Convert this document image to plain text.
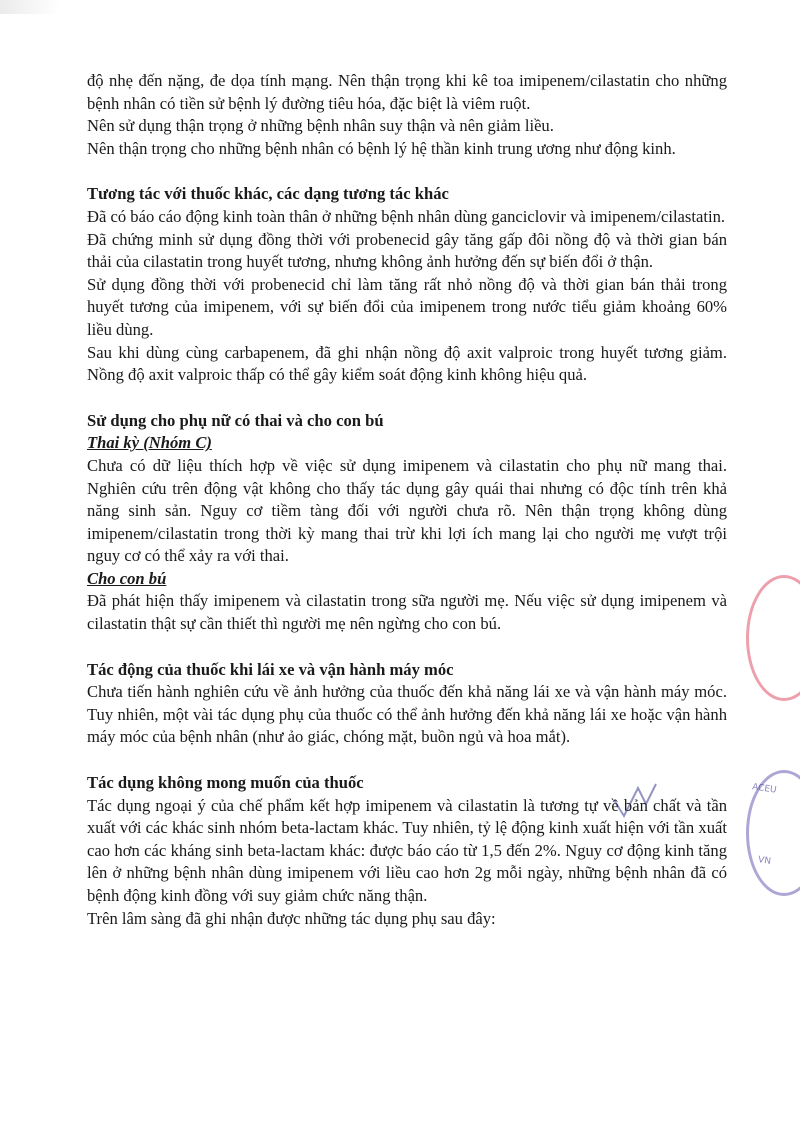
độ nhẹ đến nặng, đe dọa tính mạng. Nên thận trọng khi kê toa imipenem/cilastatin cho những bệnh nhân có tiền sử bệnh lý đường tiêu hóa, đặc biệt là viêm ruột.

Nên sử dụng thận trọng ở những bệnh nhân suy thận và nên giảm liều.

Nên thận trọng cho những bệnh nhân có bệnh lý hệ thần kinh trung ương như động kinh.

Tương tác với thuốc khác, các dạng tương tác khác

Đã có báo cáo động kinh toàn thân ở những bệnh nhân dùng ganciclovir và imipenem/cilastatin.

Đã chứng minh sử dụng đồng thời với probenecid gây tăng gấp đôi nồng độ và thời gian bán thải của cilastatin trong huyết tương, nhưng không ảnh hưởng đến sự biến đổi ở thận.

Sử dụng đồng thời với probenecid chỉ làm tăng rất nhỏ nồng độ và thời gian bán thải trong huyết tương của imipenem, với sự biến đổi của imipenem trong nước tiểu giảm khoảng 60% liều dùng.

Sau khi dùng cùng carbapenem, đã ghi nhận nồng độ axit valproic trong huyết tương giảm. Nồng độ axit valproic thấp có thể gây kiểm soát động kinh không hiệu quả.

Sử dụng cho phụ nữ có thai và cho con bú

Thai kỳ (Nhóm C)

Chưa có dữ liệu thích hợp về việc sử dụng imipenem và cilastatin cho phụ nữ mang thai. Nghiên cứu trên động vật không cho thấy tác dụng gây quái thai nhưng có độc tính trên khả năng sinh sản. Nguy cơ tiềm tàng đối với người chưa rõ. Nên thận trọng không dùng imipenem/cilastatin trong thời kỳ mang thai trừ khi lợi ích mang lại cho người mẹ vượt trội nguy cơ có thể xảy ra với thai.

Cho con bú

Đã phát hiện thấy imipenem và cilastatin trong sữa người mẹ. Nếu việc sử dụng imipenem và cilastatin thật sự cần thiết thì người mẹ nên ngừng cho con bú.

Tác động của thuốc khi lái xe và vận hành máy móc

Chưa tiến hành nghiên cứu về ảnh hưởng của thuốc đến khả năng lái xe và vận hành máy móc. Tuy nhiên, một vài tác dụng phụ của thuốc có thể ảnh hưởng đến khả năng lái xe hoặc vận hành máy móc của bệnh nhân (như ảo giác, chóng mặt, buồn ngủ và hoa mắt).

Tác dụng không mong muốn của thuốc

Tác dụng ngoại ý của chế phẩm kết hợp imipenem và cilastatin là tương tự về bản chất và tần xuất với các khác sinh nhóm beta-lactam khác. Tuy nhiên, tỷ lệ động kinh xuất hiện với tần xuất cao hơn các kháng sinh beta-lactam khác: được báo cáo từ 1,5 đến 2%. Nguy cơ động kinh tăng lên ở những bệnh nhân dùng imipenem với liều cao hơn 2g mỗi ngày, những bệnh nhân đã có bệnh động kinh đồng với suy giảm chức năng thận.

Trên lâm sàng đã ghi nhận được những tác dụng phụ sau đây:

ACEU
VN
